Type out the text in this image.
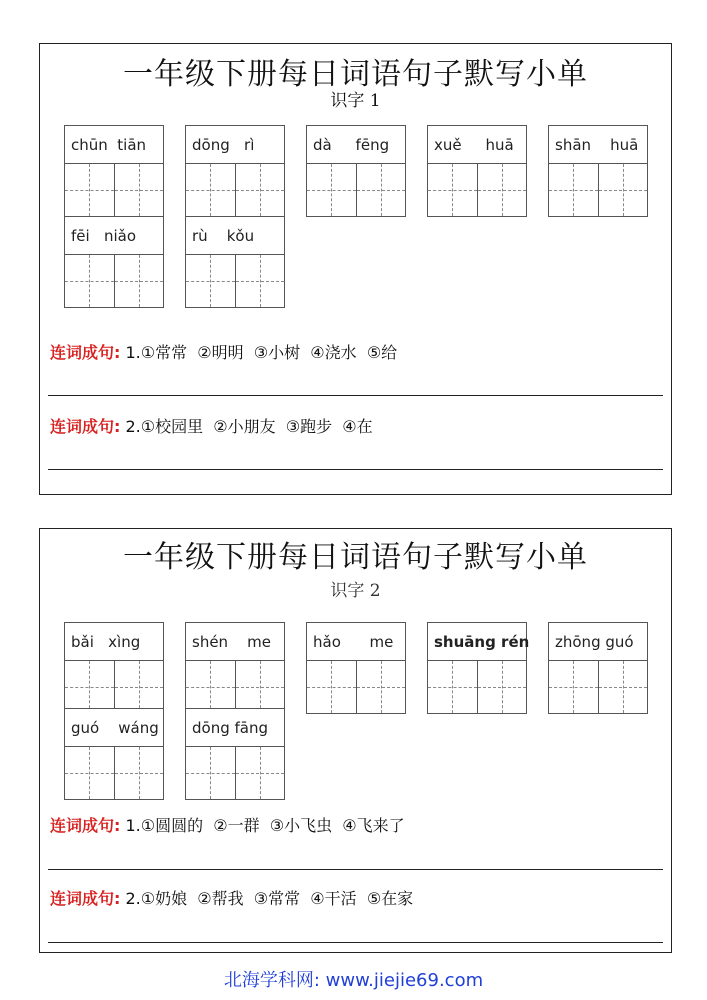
一年级下册每日词语句子默写小单
识字 1
chūn  tiān	dōng   rì	dà     fēng	xuě     huā	shān    huā
fēi   niǎo	rù    kǒu
连词成句: 1.①常常  ②明明  ③小树  ④浇水  ⑤给
连词成句: 2.①校园里  ②小朋友  ③跑步  ④在
一年级下册每日词语句子默写小单
识字 2
bǎi   xìng	shén    me	hǎo      me	shuāng rén	zhōng guó
guó    wáng	dōng fāng
连词成句: 1.①圆圆的  ②一群  ③小飞虫  ④飞来了
连词成句: 2.①奶娘  ②帮我  ③常常  ④干活  ⑤在家
北海学科网: www.jiejie69.com
